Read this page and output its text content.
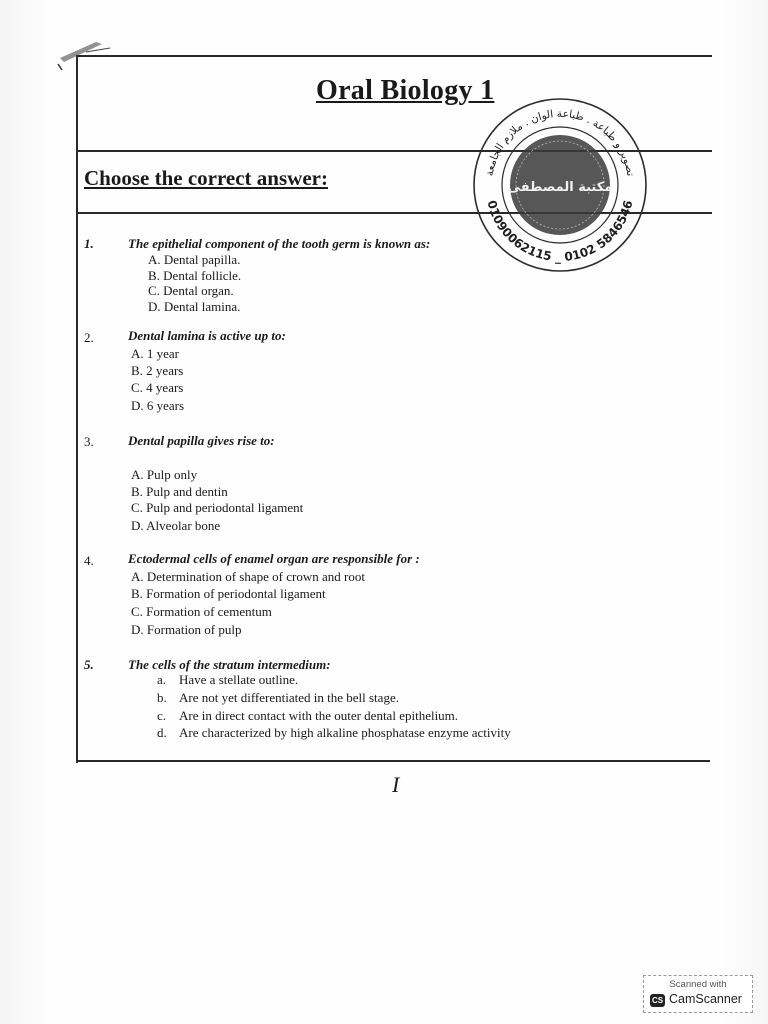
Oral Biology 1
Choose the correct answer:	تصوير و طباعة . طباعة الوان . ملازم الجامعة
مكتبة المصطفى
01090062115 _ 0102 5846546
1.	The epithelial component of the tooth germ is known as:
A. Dental papilla.
B. Dental follicle.
C. Dental organ.
D. Dental lamina.
2.	Dental lamina is active up to:
A. 1 year
B. 2 years
C. 4 years
D. 6 years
3.	Dental papilla gives rise to:
A. Pulp only
B. Pulp and dentin
C. Pulp and periodontal ligament
D. Alveolar bone
4.	Ectodermal cells of enamel organ are responsible for :
A. Determination of shape of crown and root
B. Formation of periodontal ligament
C. Formation of cementum
D. Formation of pulp
5.	The cells of the stratum intermedium:
a. Have a stellate outline.
b. Are not yet differentiated in the bell stage.
c. Are in direct contact with the outer dental epithelium.
d. Are characterized by high alkaline phosphatase enzyme activity
I
Scanned with
CS CamScanner
